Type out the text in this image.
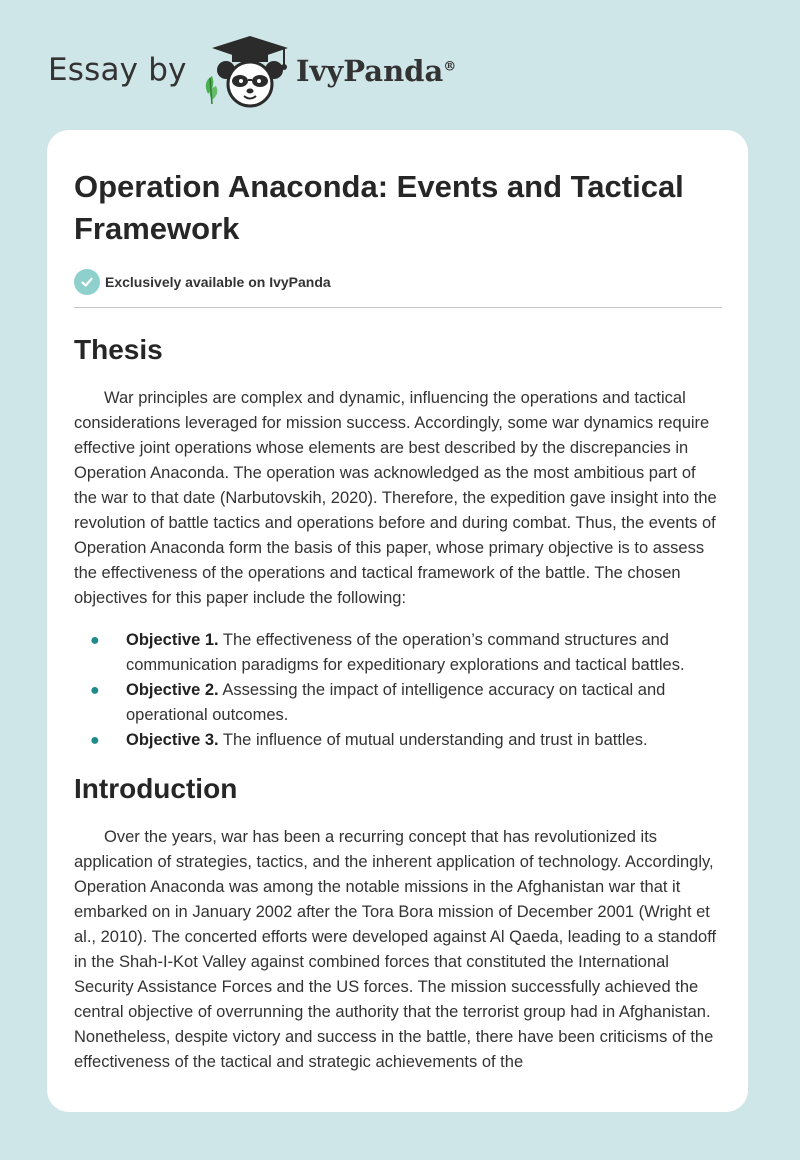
Essay by	IvyPanda®
Operation Anaconda: Events and Tactical Framework
Exclusively available on IvyPanda
Thesis

War principles are complex and dynamic, influencing the operations and tactical considerations leveraged for mission success. Accordingly, some war dynamics require effective joint operations whose elements are best described by the discrepancies in Operation Anaconda. The operation was acknowledged as the most ambitious part of the war to that date (Narbutovskih, 2020). Therefore, the expedition gave insight into the revolution of battle tactics and operations before and during combat. Thus, the events of Operation Anaconda form the basis of this paper, whose primary objective is to assess the effectiveness of the operations and tactical framework of the battle. The chosen objectives for this paper include the following:

● Objective 1. The effectiveness of the operation’s command structures and communication paradigms for expeditionary explorations and tactical battles.
● Objective 2. Assessing the impact of intelligence accuracy on tactical and operational outcomes.
● Objective 3. The influence of mutual understanding and trust in battles.
Introduction

Over the years, war has been a recurring concept that has revolutionized its application of strategies, tactics, and the inherent application of technology. Accordingly, Operation Anaconda was among the notable missions in the Afghanistan war that it embarked on in January 2002 after the Tora Bora mission of December 2001 (Wright et al., 2010). The concerted efforts were developed against Al Qaeda, leading to a standoff in the Shah-I-Kot Valley against combined forces that constituted the International Security Assistance Forces and the US forces. The mission successfully achieved the central objective of overrunning the authority that the terrorist group had in Afghanistan. Nonetheless, despite victory and success in the battle, there have been criticisms of the effectiveness of the tactical and strategic achievements of the
